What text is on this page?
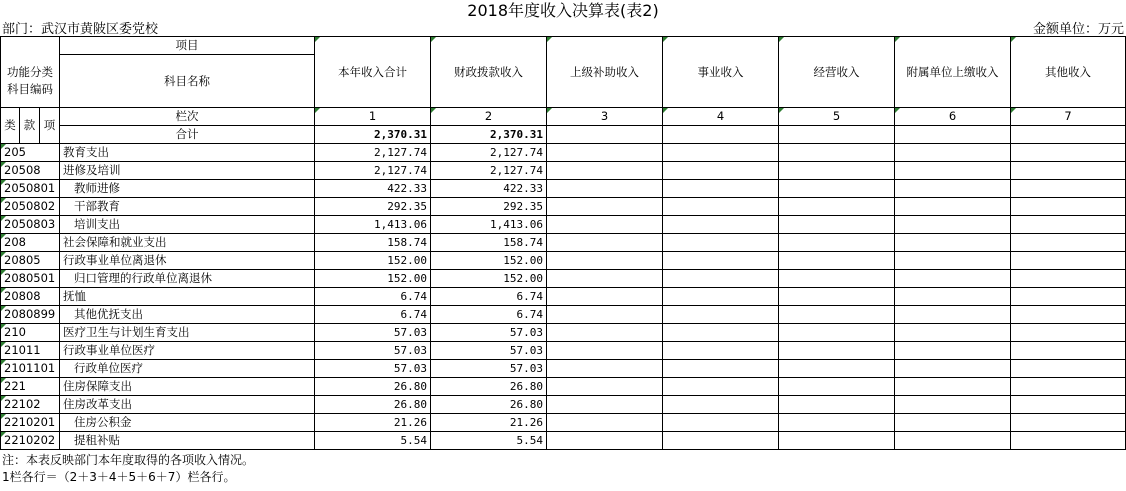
2018年度收入决算表(表2)
部门：武汉市黄陂区委党校	金额单位：万元
功能分类科目编码			项目
科目名称	本年收入合计	财政拨款收入	上级补助收入	事业收入	经营收入	附属单位上缴收入	其他收入
类	款	项	栏次	1	2	3	4	5	6	7
			合计	2,370.31	2,370.31					
205			教育支出	2,127.74	2,127.74					
20508			进修及培训	2,127.74	2,127.74					
2050801			教师进修	422.33	422.33					
2050802			干部教育	292.35	292.35					
2050803			培训支出	1,413.06	1,413.06					
208			社会保障和就业支出	158.74	158.74					
20805			行政事业单位离退休	152.00	152.00					
2080501			归口管理的行政单位离退休	152.00	152.00					
20808			抚恤	6.74	6.74					
2080899			其他优抚支出	6.74	6.74					
210			医疗卫生与计划生育支出	57.03	57.03					
21011			行政事业单位医疗	57.03	57.03					
2101101			行政单位医疗	57.03	57.03					
221			住房保障支出	26.80	26.80					
22102			住房改革支出	26.80	26.80					
2210201			住房公积金	21.26	21.26					
2210202			提租补贴	5.54	5.54					
注：本表反映部门本年度取得的各项收入情况。
1栏各行＝（2＋3＋4＋5＋6＋7）栏各行。
